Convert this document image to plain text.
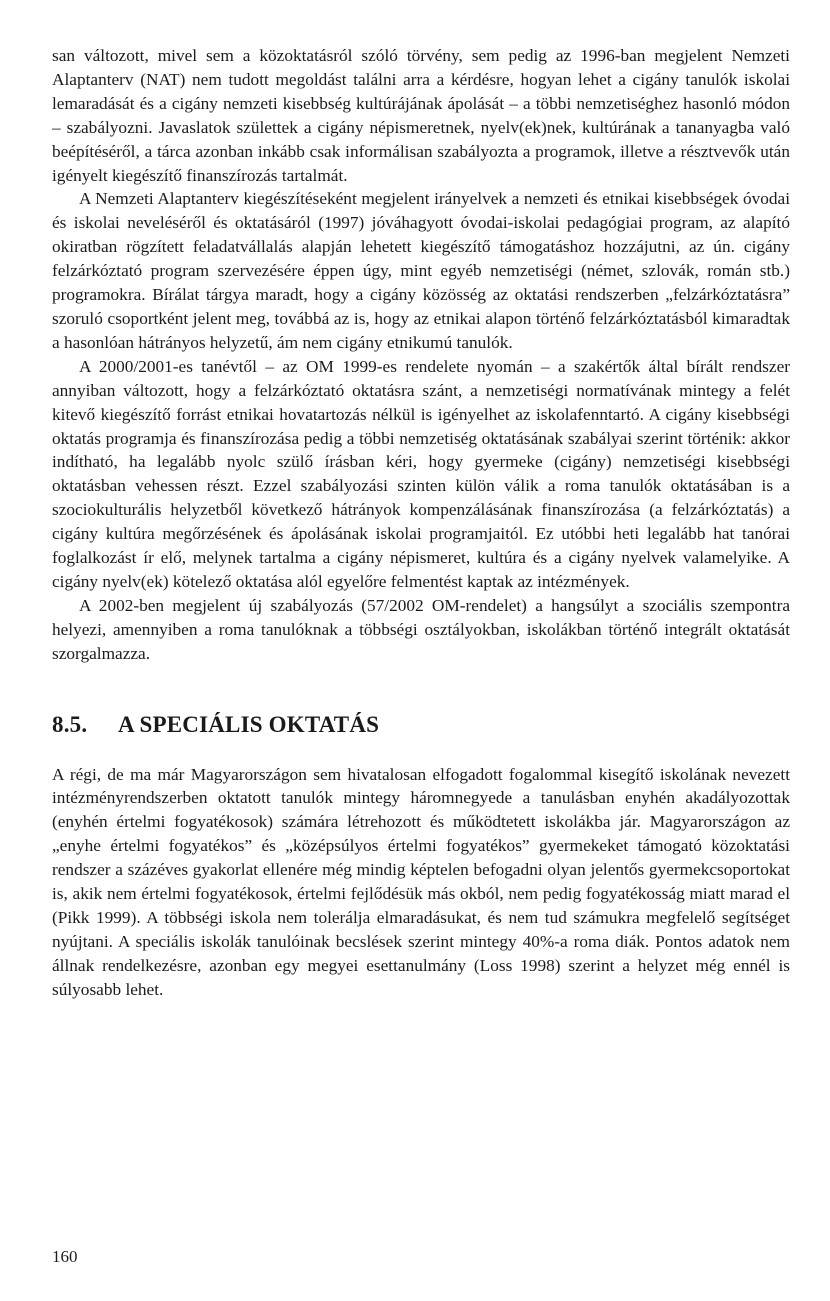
san változott, mivel sem a közoktatásról szóló törvény, sem pedig az 1996-ban megjelent Nemzeti Alaptanterv (NAT) nem tudott megoldást találni arra a kérdésre, hogyan lehet a cigány tanulók iskolai lemaradását és a cigány nemzeti kisebbség kultúrájának ápolását – a többi nemzetiséghez hasonló módon – szabályozni. Javaslatok születtek a cigány népismeretnek, nyelv(ek)nek, kultúrának a tananyagba való beépítéséről, a tárca azonban inkább csak informálisan szabályozta a programok, illetve a résztvevők után igényelt kiegészítő finanszírozás tartalmát.

A Nemzeti Alaptanterv kiegészítéseként megjelent irányelvek a nemzeti és etnikai kisebbségek óvodai és iskolai neveléséről és oktatásáról (1997) jóváhagyott óvodai-iskolai pedagógiai program, az alapító okiratban rögzített feladatvállalás alapján lehetett kiegészítő támogatáshoz hozzájutni, az ún. cigány felzárkóztató program szervezésére éppen úgy, mint egyéb nemzetiségi (német, szlovák, román stb.) programokra. Bírálat tárgya maradt, hogy a cigány közösség az oktatási rendszerben „felzárkóztatásra” szoruló csoportként jelent meg, továbbá az is, hogy az etnikai alapon történő felzárkóztatásból kimaradtak a hasonlóan hátrányos helyzetű, ám nem cigány etnikumú tanulók.

A 2000/2001-es tanévtől – az OM 1999-es rendelete nyomán – a szakértők által bírált rendszer annyiban változott, hogy a felzárkóztató oktatásra szánt, a nemzetiségi normatívának mintegy a felét kitevő kiegészítő forrást etnikai hovatartozás nélkül is igényelhet az iskolafenntartó. A cigány kisebbségi oktatás programja és finanszírozása pedig a többi nemzetiség oktatásának szabályai szerint történik: akkor indítható, ha legalább nyolc szülő írásban kéri, hogy gyermeke (cigány) nemzetiségi kisebbségi oktatásban vehessen részt. Ezzel szabályozási szinten külön válik a roma tanulók oktatásában is a szociokulturális helyzetből következő hátrányok kompenzálásának finanszírozása (a felzárkóztatás) a cigány kultúra megőrzésének és ápolásának iskolai programjaitól. Ez utóbbi heti legalább hat tanórai foglalkozást ír elő, melynek tartalma a cigány népismeret, kultúra és a cigány nyelvek valamelyike. A cigány nyelv(ek) kötelező oktatása alól egyelőre felmentést kaptak az intézmények.

A 2002-ben megjelent új szabályozás (57/2002 OM-rendelet) a hangsúlyt a szociális szempontra helyezi, amennyiben a roma tanulóknak a többségi osztályokban, iskolákban történő integrált oktatását szorgalmazza.

8.5. A SPECIÁLIS OKTATÁS

A régi, de ma már Magyarországon sem hivatalosan elfogadott fogalommal kisegítő iskolának nevezett intézményrendszerben oktatott tanulók mintegy háromnegyede a tanulásban enyhén akadályozottak (enyhén értelmi fogyatékosok) számára létrehozott és működtetett iskolákba jár. Magyarországon az „enyhe értelmi fogyatékos” és „középsúlyos értelmi fogyatékos” gyermekeket támogató közoktatási rendszer a százéves gyakorlat ellenére még mindig képtelen befogadni olyan jelentős gyermekcsoportokat is, akik nem értelmi fogyatékosok, értelmi fejlődésük más okból, nem pedig fogyatékosság miatt marad el (Pikk 1999). A többségi iskola nem tolerálja elmaradásukat, és nem tud számukra megfelelő segítséget nyújtani. A speciális iskolák tanulóinak becslések szerint mintegy 40%-a roma diák. Pontos adatok nem állnak rendelkezésre, azonban egy megyei esettanulmány (Loss 1998) szerint a helyzet még ennél is súlyosabb lehet.

160
